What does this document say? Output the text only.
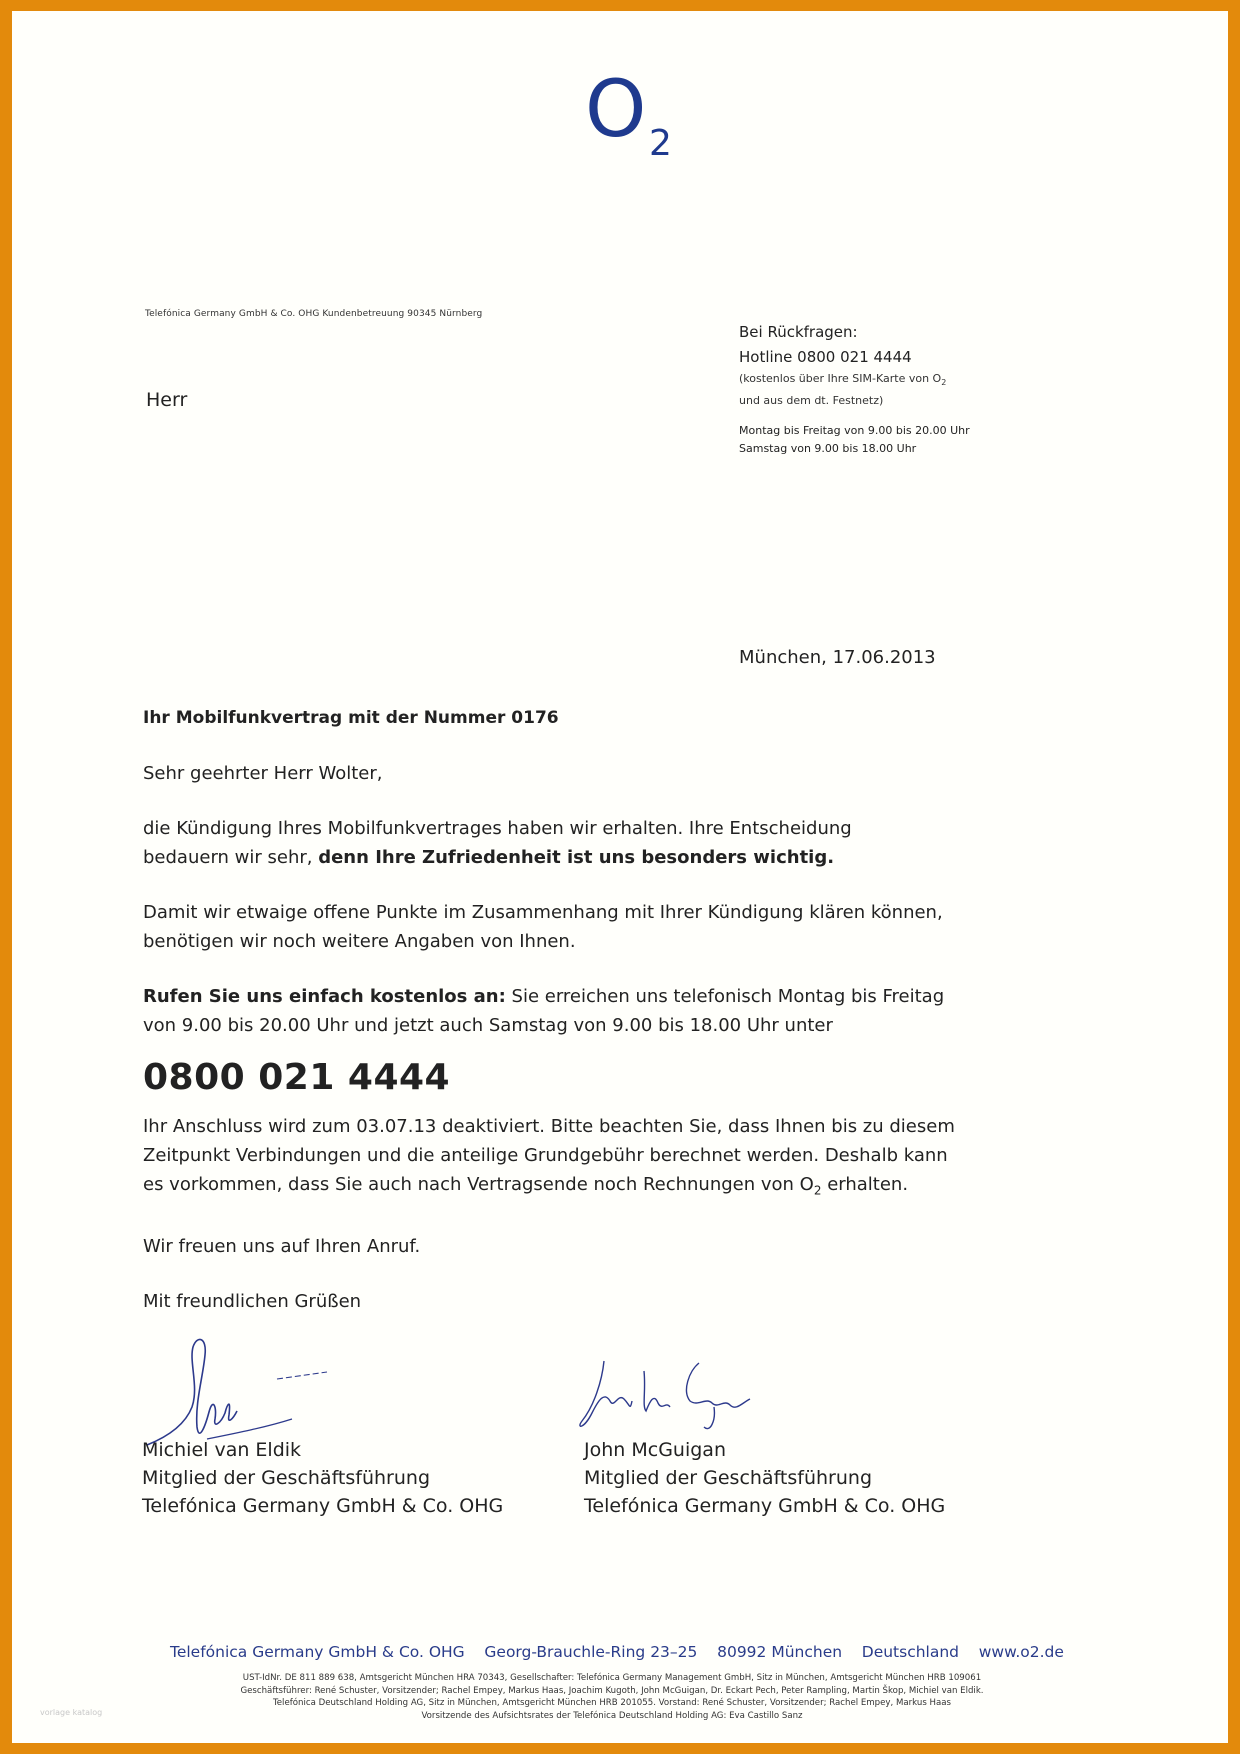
O 2
Telefónica Germany GmbH & Co. OHG Kundenbetreuung 90345 Nürnberg
Herr
Bei Rückfragen:
Hotline 0800 021 4444
(kostenlos über Ihre SIM-Karte von $O_2$
und aus dem dt. Festnetz)
Montag bis Freitag von 9.00 bis 20.00 Uhr
Samstag von 9.00 bis 18.00 Uhr
München, 17.06.2013

Ihr Mobilfunkvertrag mit der Nummer 0176

Sehr geehrter Herr Wolter,

die Kündigung Ihres Mobilfunkvertrages haben wir erhalten. Ihre Entscheidung

bedauern wir sehr, denn Ihre Zufriedenheit ist uns besonders wichtig.

Damit wir etwaige offene Punkte im Zusammenhang mit Ihrer Kündigung klären können,

benötigen wir noch weitere Angaben von Ihnen.

Rufen Sie uns einfach kostenlos an: Sie erreichen uns telefonisch Montag bis Freitag

von 9.00 bis 20.00 Uhr und jetzt auch Samstag von 9.00 bis 18.00 Uhr unter

0800 021 4444

Ihr Anschluss wird zum 03.07.13 deaktiviert. Bitte beachten Sie, dass Ihnen bis zu diesem

Zeitpunkt Verbindungen und die anteilige Grundgebühr berechnet werden. Deshalb kann

es vorkommen, dass Sie auch nach Vertragsende noch Rechnungen von $O_2$ erhalten.

Wir freuen uns auf Ihren Anruf.

Mit freundlichen Grüßen

Michiel van Eldik
Mitglied der Geschäftsführung
Telefónica Germany GmbH & Co. OHG
John McGuigan
Mitglied der Geschäftsführung
Telefónica Germany GmbH & Co. OHG
Telefónica Germany GmbH & Co. OHG    Georg-Brauchle-Ring 23–25    80992 München    Deutschland    www.o2.de
UST-IdNr. DE 811 889 638, Amtsgericht München HRA 70343, Gesellschafter: Telefónica Germany Management GmbH, Sitz in München, Amtsgericht München HRB 109061
Geschäftsführer: René Schuster, Vorsitzender; Rachel Empey, Markus Haas, Joachim Kugoth, John McGuigan, Dr. Eckart Pech, Peter Rampling, Martin Škop, Michiel van Eldik.
Telefónica Deutschland Holding AG, Sitz in München, Amtsgericht München HRB 201055. Vorstand: René Schuster, Vorsitzender; Rachel Empey, Markus Haas
Vorsitzende des Aufsichtsrates der Telefónica Deutschland Holding AG: Eva Castillo Sanz
vorlage katalog
